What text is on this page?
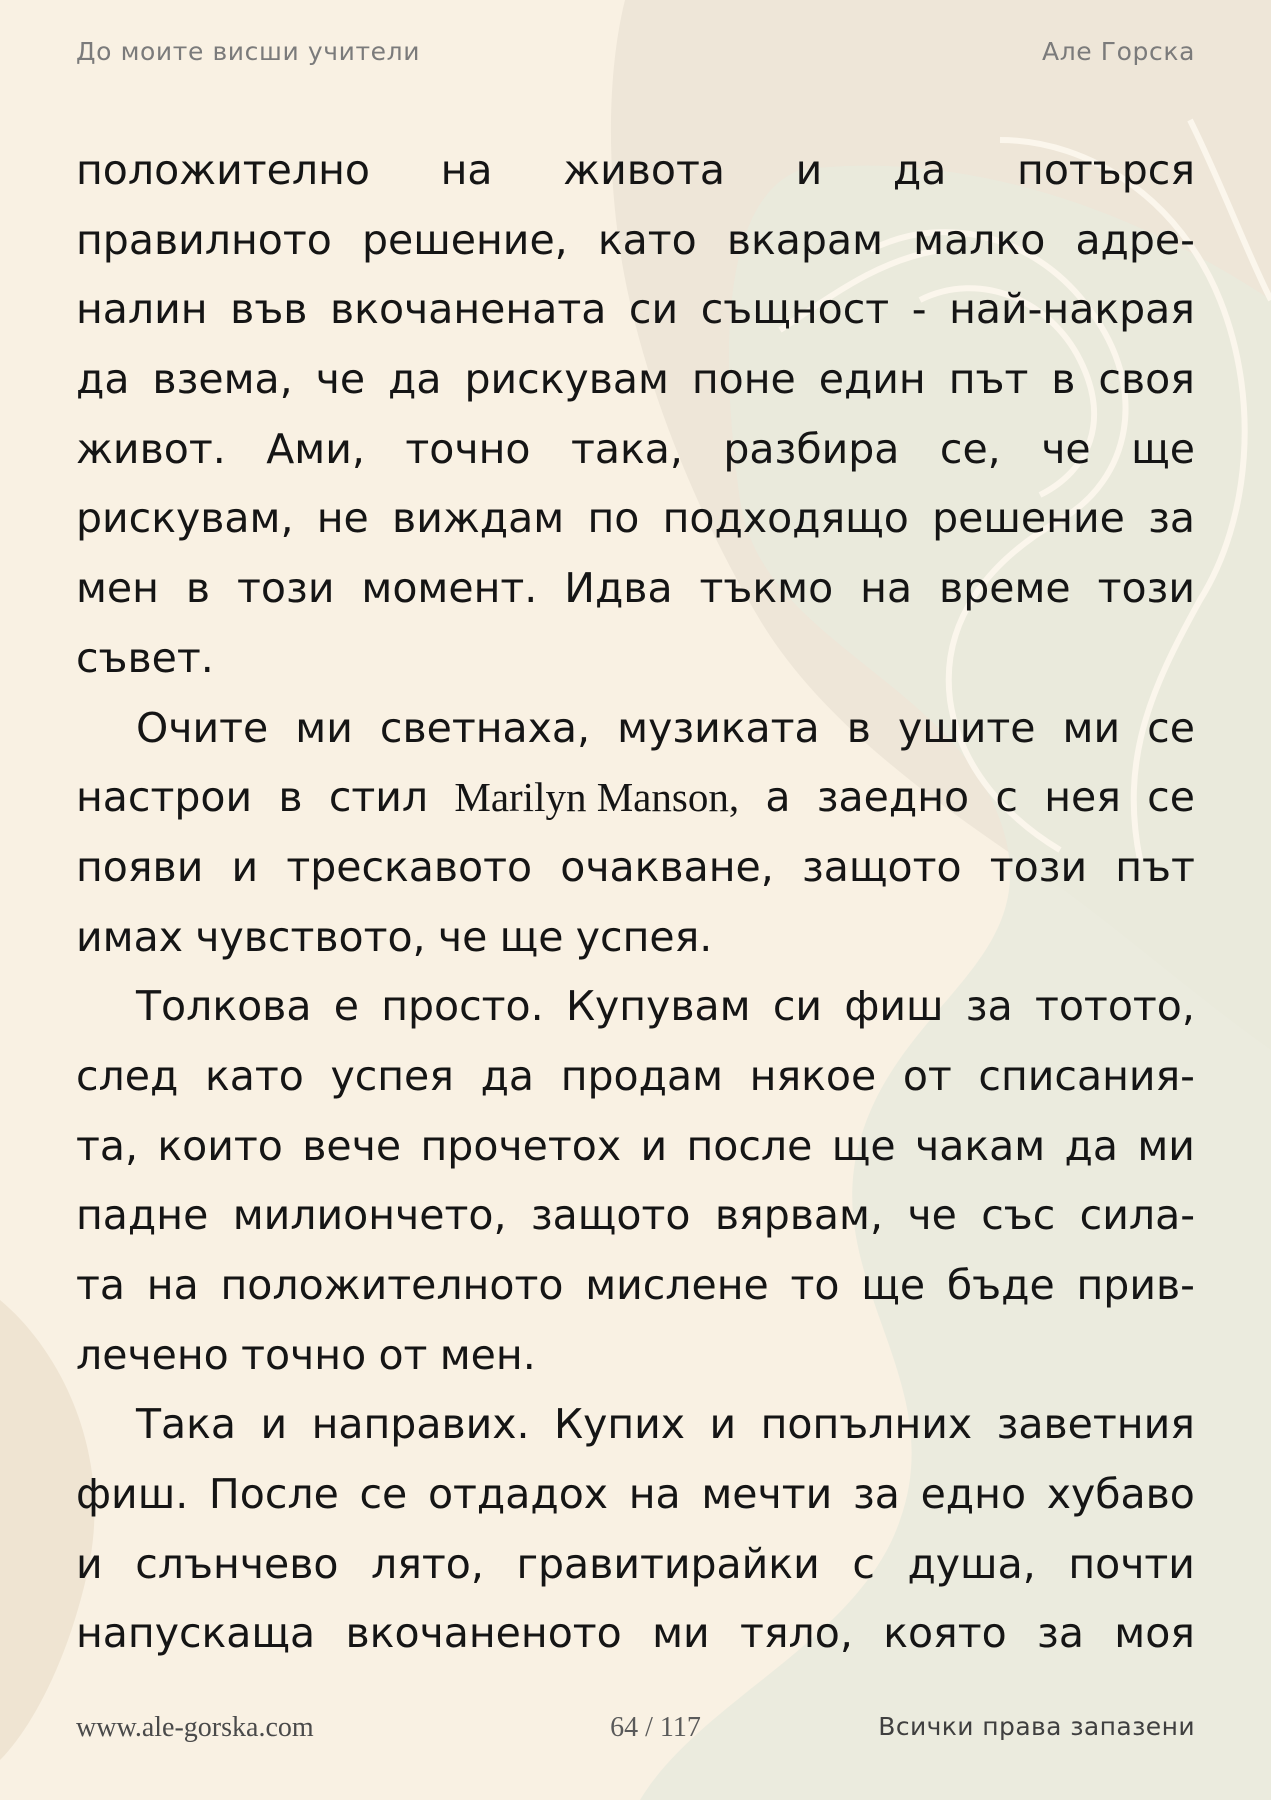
До моите висши учители	Але Горска
положително на живота и да потърся
правилното решение, като вкарам малко адре-
налин във вкочанената си същност - най-накрая
да взема, че да рискувам поне един път в своя
живот. Ами, точно така, разбира се, че ще
рискувам, не виждам по подходящо решение за
мен в този момент. Идва тъкмо на време този
съвет.
Очите ми светнаха, музиката в ушите ми се
настрои в стил Marilyn Manson, а заедно с нея се
появи и трескавото очакване, защото този път
имах чувството, че ще успея.
Толкова е просто. Купувам си фиш за тотото,
след като успея да продам някое от списания-
та, които вече прочетох и после ще чакам да ми
падне милиончето, защото вярвам, че със сила-
та на положителното мислене то ще бъде прив-
лечено точно от мен.
Така и направих. Купих и попълних заветния
фиш. После се отдадох на мечти за едно хубаво
и слънчево лято, гравитирайки с душа, почти
напускаща вкочаненото ми тяло, която за моя
www.ale-gorska.com	64 / 117	Всички права запазени
